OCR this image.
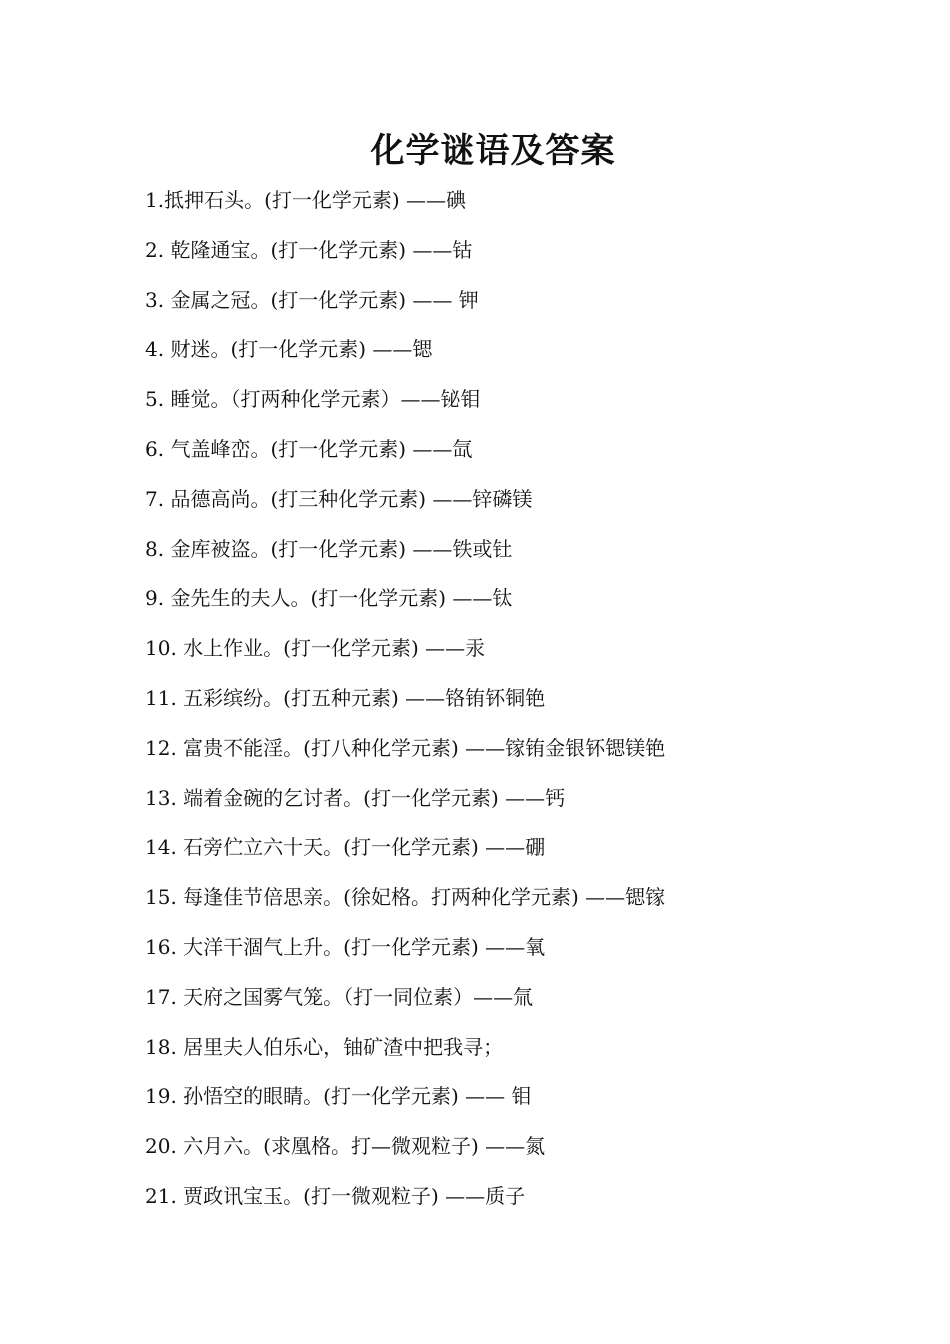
化学谜语及答案
1.抵押石头。(打一化学元素) ——碘
2. 乾隆通宝。(打一化学元素) ——钴
3. 金属之冠。(打一化学元素) —— 钾
4. 财迷。(打一化学元素) ——锶
5. 睡觉。（打两种化学元素）——铋钼
6. 气盖峰峦。(打一化学元素) ——氙
7. 品德高尚。(打三种化学元素) ——锌磷镁
8. 金库被盗。(打一化学元素) ——铁或钍
9. 金先生的夫人。(打一化学元素) ——钛
10. 水上作业。(打一化学元素) ——汞
11. 五彩缤纷。(打五种元素) ——铬铕钚铜铯
12. 富贵不能淫。(打八种化学元素) ——镓铕金银钚锶镁铯
13. 端着金碗的乞讨者。(打一化学元素) ——钙
14. 石旁伫立六十天。(打一化学元素) ——硼
15. 每逢佳节倍思亲。(徐妃格。打两种化学元素) ——锶镓
16. 大洋干涸气上升。(打一化学元素) ——氧
17. 天府之国雾气笼。（打一同位素）——氚
18. 居里夫人伯乐心，铀矿渣中把我寻；
19. 孙悟空的眼睛。(打一化学元素) —— 钼
20. 六月六。(求凰格。打—微观粒子) ——氮
21. 贾政讯宝玉。(打一微观粒子) ——质子
